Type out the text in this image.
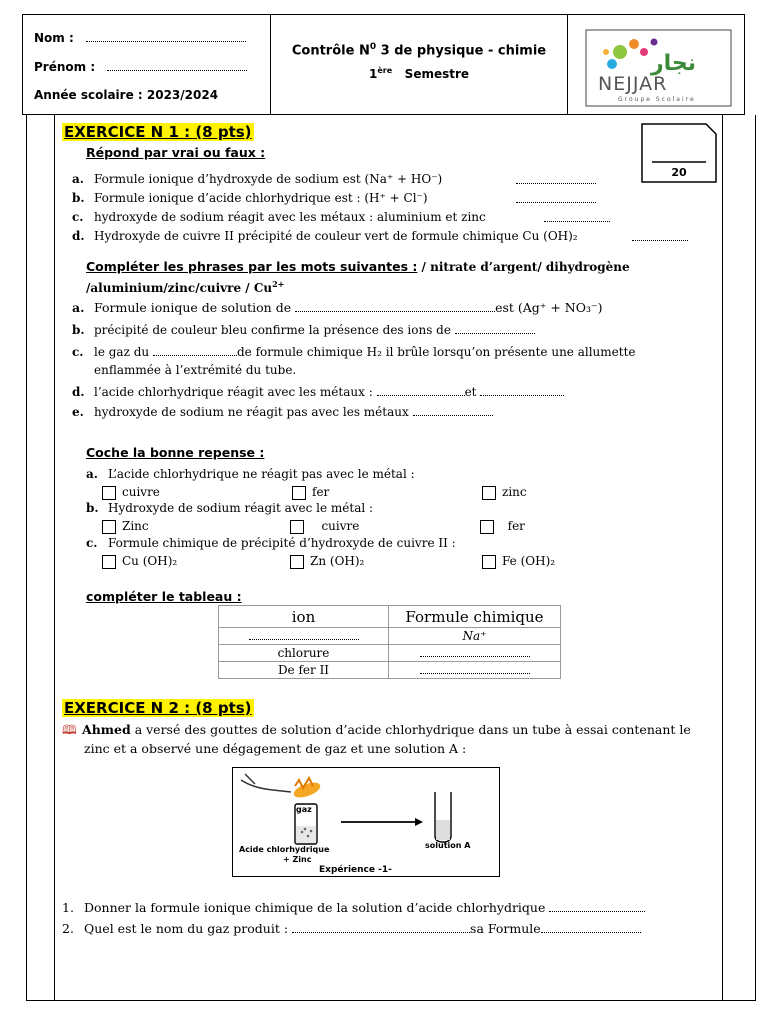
Nom :
Prénom :
Année scolaire : 2023/2024
Contrôle $N^0$ 3 de physique - chimie
1ère Semestre	نجار
NEJJAR
Groupe Scolaire
20
EXERCICE N 1 : (8 pts)
Répond par vrai ou faux :
a. Formule ionique d’hydroxyde de sodium est (Na⁺ + HO⁻)
b. Formule ionique d’acide chlorhydrique est : (H⁺ + Cl⁻)
c. hydroxyde de sodium réagit avec les métaux : aluminium et zinc
d. Hydroxyde de cuivre II précipité de couleur vert de formule chimique Cu (OH)₂
Compléter les phrases par les mots suivantes : / nitrate d’argent/ dihydrogène
/aluminium/zinc/cuivre / $Cu^{2+}$
a. Formule ionique de solution de	est (Ag⁺ + NO₃⁻)
b. précipité de couleur bleu confirme la présence des ions de
c. le gaz du	de formule chimique H₂ il brûle lorsqu’on présente une allumette
enflammée à l’extrémité du tube.
d. l’acide chlorhydrique réagit avec les métaux :	et
e. hydroxyde de sodium ne réagit pas avec les métaux
Coche la bonne repense :
a. L’acide chlorhydrique ne réagit pas avec le métal :
cuivre	fer	zinc
b. Hydroxyde de sodium réagit avec le métal :
Zinc	cuivre	fer
c. Formule chimique de précipité d’hydroxyde de cuivre II :
Cu (OH)₂	Zn (OH)₂	Fe (OH)₂
compléter le tableau :
ion	Formule chimique
	Na⁺
chlorure	
De fer II	
EXERCICE N 2 : (8 pts)
🕮 Ahmed a versé des gouttes de solution d’acide chlorhydrique dans un tube à essai contenant le
zinc et a observé une dégagement de gaz et une solution A :
gaz
Acide chlorhydrique
+ Zinc
solution A
Expérience -1-
1. Donner la formule ionique chimique de la solution d’acide chlorhydrique
2. Quel est le nom du gaz produit :	sa Formule
